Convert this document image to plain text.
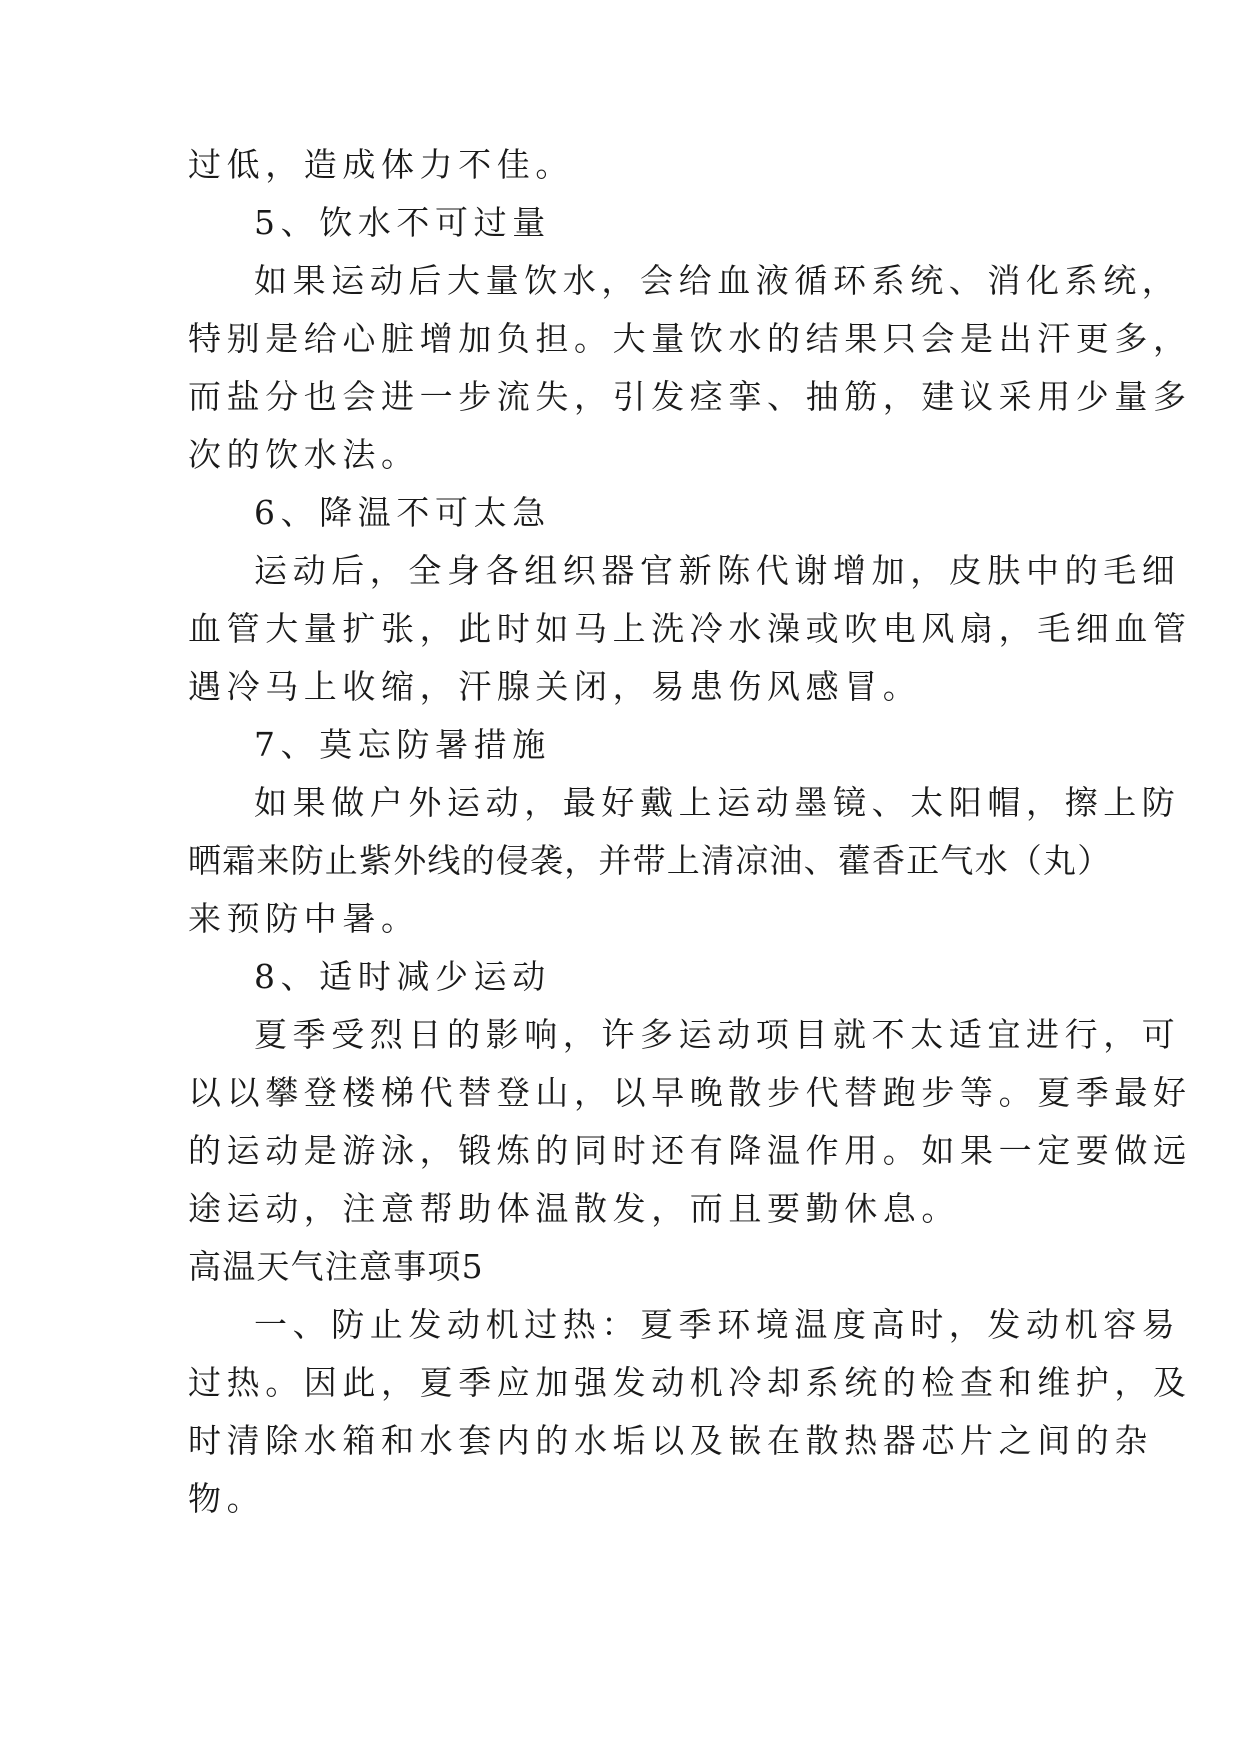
过低，造成体力不佳。
5、饮水不可过量
如果运动后大量饮水，会给血液循环系统、消化系统，
特别是给心脏增加负担。大量饮水的结果只会是出汗更多，
而盐分也会进一步流失，引发痉挛、抽筋，建议采用少量多
次的饮水法。
6、降温不可太急
运动后，全身各组织器官新陈代谢增加，皮肤中的毛细
血管大量扩张，此时如马上洗冷水澡或吹电风扇，毛细血管
遇冷马上收缩，汗腺关闭，易患伤风感冒。
7、莫忘防暑措施
如果做户外运动，最好戴上运动墨镜、太阳帽，擦上防
晒霜来防止紫外线的侵袭，并带上清凉油、藿香正气水（丸）
来预防中暑。
8、适时减少运动
夏季受烈日的影响，许多运动项目就不太适宜进行，可
以以攀登楼梯代替登山，以早晚散步代替跑步等。夏季最好
的运动是游泳，锻炼的同时还有降温作用。如果一定要做远
途运动，注意帮助体温散发，而且要勤休息。
高温天气注意事项5
一、防止发动机过热：夏季环境温度高时，发动机容易
过热。因此，夏季应加强发动机冷却系统的检查和维护，及
时清除水箱和水套内的水垢以及嵌在散热器芯片之间的杂
物。
